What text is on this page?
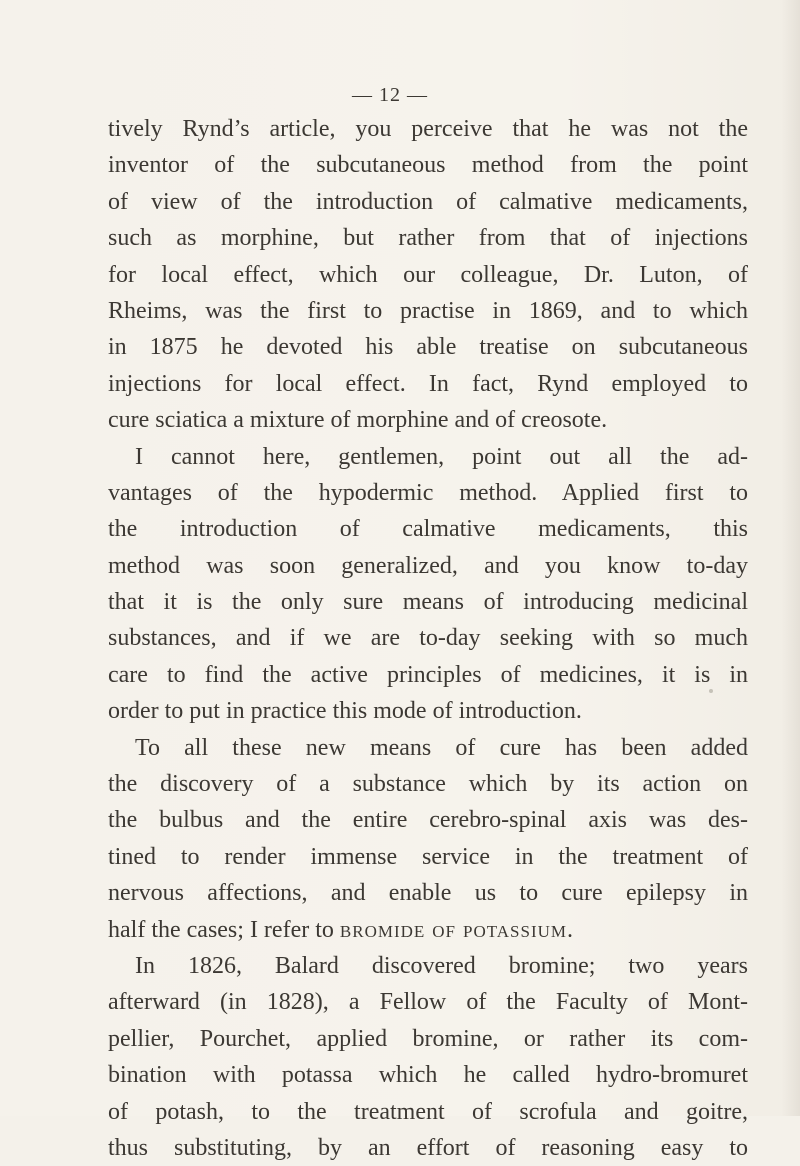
— 12 —
tively Rynd’s article, you perceive that he was not the
inventor of the subcutaneous method from the point
of view of the introduction of calmative medicaments,
such as morphine, but rather from that of injections
for local effect, which our colleague, Dr. Luton, of
Rheims, was the first to practise in 1869, and to which
in 1875 he devoted his able treatise on subcutaneous
injections for local effect. In fact, Rynd employed to
cure sciatica a mixture of morphine and of creosote.
I cannot here, gentlemen, point out all the ad-
vantages of the hypodermic method. Applied first to
the introduction of calmative medicaments, this
method was soon generalized, and you know to-day
that it is the only sure means of introducing medicinal
substances, and if we are to-day seeking with so much
care to find the active principles of medicines, it is in
order to put in practice this mode of introduction.
To all these new means of cure has been added
the discovery of a substance which by its action on
the bulbus and the entire cerebro-spinal axis was des-
tined to render immense service in the treatment of
nervous affections, and enable us to cure epilepsy in
half the cases; I refer to bromide of potassium.
In 1826, Balard discovered bromine; two years
afterward (in 1828), a Fellow of the Faculty of Mont-
pellier, Pourchet, applied bromine, or rather its com-
bination with potassa which he called hydro-bromuret
of potash, to the treatment of scrofula and goitre,
thus substituting, by an effort of reasoning easy to
